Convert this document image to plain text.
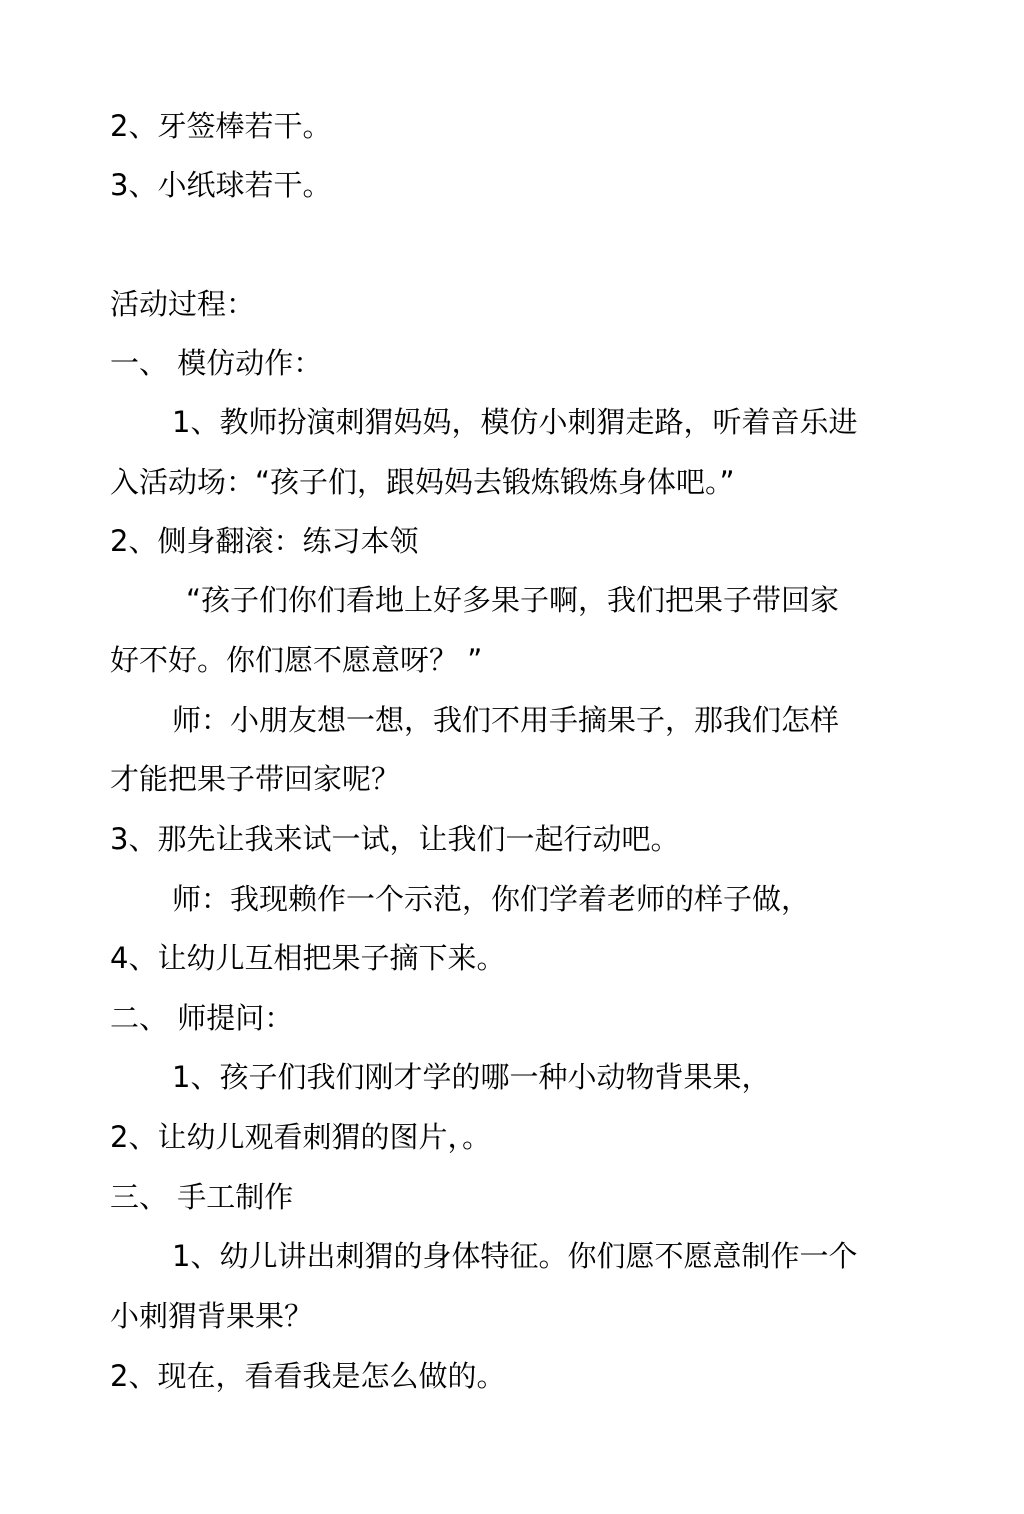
2、牙签棒若干。
3、小纸球若干。
活动过程：
一、 模仿动作：
1、教师扮演刺猬妈妈，模仿小刺猬走路，听着音乐进
入活动场：“孩子们，跟妈妈去锻炼锻炼身体吧。”
2、侧身翻滚：练习本领
“孩子们你们看地上好多果子啊，我们把果子带回家
好不好。你们愿不愿意呀？ ”
师：小朋友想一想，我们不用手摘果子，那我们怎样
才能把果子带回家呢？
3、那先让我来试一试，让我们一起行动吧。
师：我现赖作一个示范，你们学着老师的样子做，
4、让幼儿互相把果子摘下来。
二、 师提问：
1、孩子们我们刚才学的哪一种小动物背果果，
2、让幼儿观看刺猬的图片，。
三、 手工制作
1、幼儿讲出刺猬的身体特征。你们愿不愿意制作一个
小刺猬背果果？
2、现在，看看我是怎么做的。
